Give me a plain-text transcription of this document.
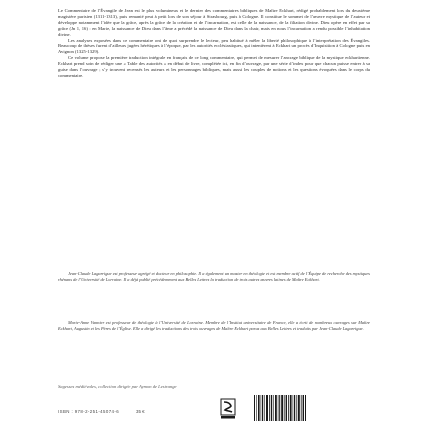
Le Commentaire de l’Évangile de Jean est le plus volumineux et le dernier des commentaires bibliques de Maître Eckhart, rédigé probablement lors du deuxième magistère parisien (1311-1313), puis remanié peut à petit lors de son séjour à Strasbourg, puis à Cologne. Il constitue le sommet de l’œuvre mystique de l’auteur et développe notamment l’idée que la grâce, après la grâce de la création et de l’incarnation, est celle de la naissance, de la filiation divine. Dieu opère en effet par sa grâce (Jn 1, 16) : en Marie, la naissance de Dieu dans l’âme a précédé la naissance de Dieu dans la chair, mais en nous l’incarnation a rendu possible l’inhabitation divine.

Les analyses exposées dans ce commentaire ont de quoi surprendre le lecteur, peu habitué à mêler la liberté philosophique à l’interprétation des Évangiles. Beaucoup de thèses furent d’ailleurs jugées hérétiques à l’époque, par les autorités ecclésiastiques, qui intentèrent à Eckhart un procès d’Inquisition à Cologne puis en Avignon (1325-1329).

Ce volume propose la première traduction intégrale en français de ce long commentaire, qui permet de mesurer l’ancrage biblique de la mystique eckhartienne. Eckhart prend soin de rédiger une « Table des autorités » en début de livre, complétée ici, en fin d’ouvrage, par une série d’index pour que chacun puisse entrer à sa guise dans l’ouvrage ; s’y trouvent recensés les auteurs et les personnages bibliques, mais aussi les couples de notions et les questions évoquées dans le corps du commentaire.

Jean-Claude Lagarrigue est professeur agrégé et docteur en philosophie. Il a également un master en théologie et est membre actif de l’Équipe de recherche des mystiques rhénans de l’Université de Lorraine. Il a déjà publié précédemment aux Belles Lettres la traduction de trois autres œuvres latines de Maître Eckhart.

Marie-Anne Vannier est professeur de théologie à l’Université de Lorraine. Membre de l’Institut universitaire de France, elle a écrit de nombreux ouvrages sur Maître Eckhart, Augustin et les Pères de l’Église. Elle a dirigé les traductions des trois ouvrages de Maître Eckhart parus aux Belles Lettres et traduits par Jean-Claude Lagarrigue.

Sagesses médiévales, collection dirigée par Aymon de Lestrange
ISBN : 978-2-251-45074-6	35 €
